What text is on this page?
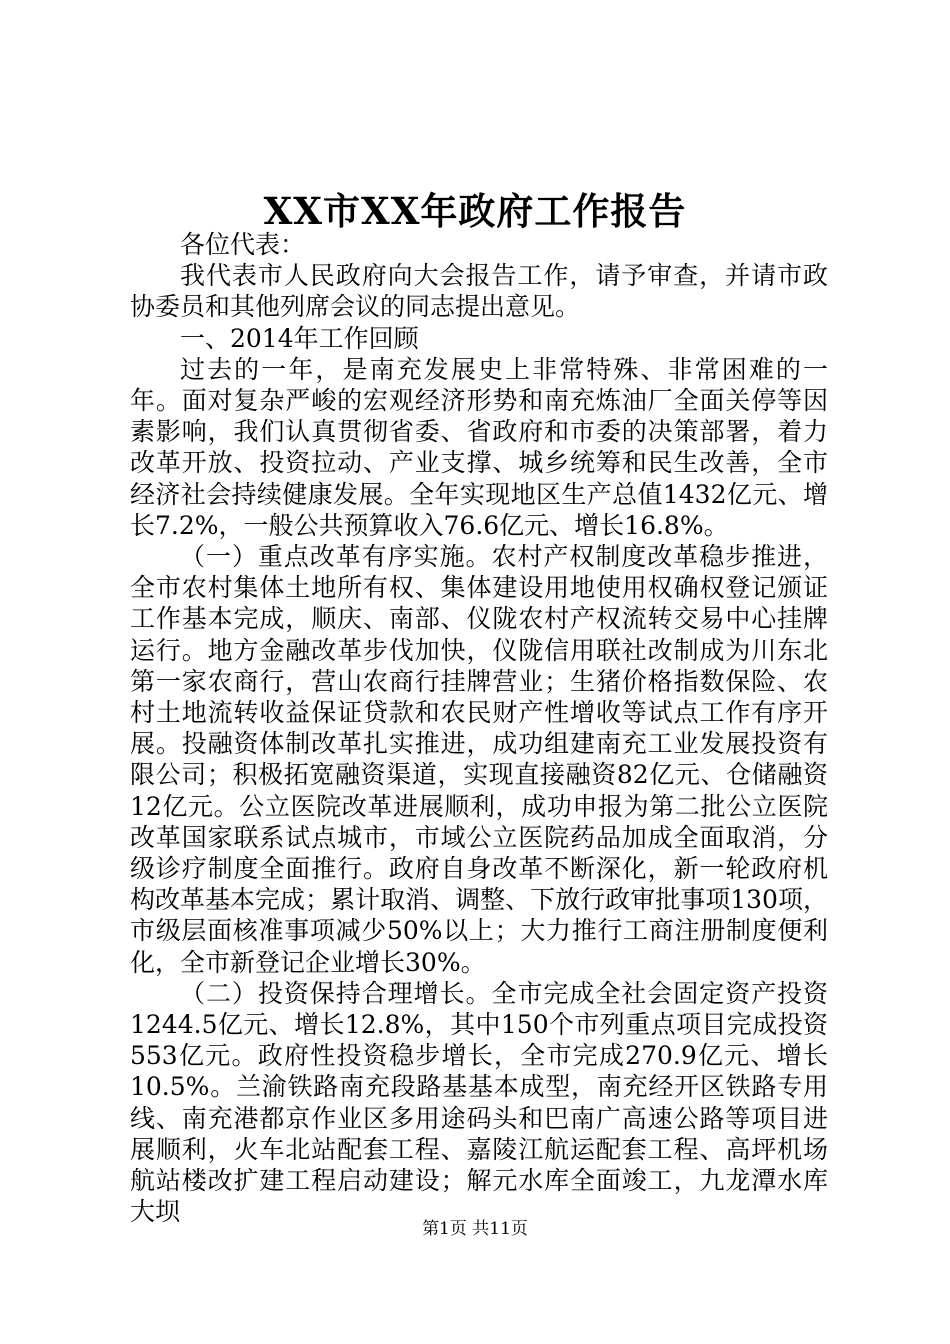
XX市XX年政府工作报告

各位代表：

我代表市人民政府向大会报告工作，请予审查，并请市政协委员和其他列席会议的同志提出意见。

一、2014年工作回顾

过去的一年，是南充发展史上非常特殊、非常困难的一年。面对复杂严峻的宏观经济形势和南充炼油厂全面关停等因素影响，我们认真贯彻省委、省政府和市委的决策部署，着力改革开放、投资拉动、产业支撑、城乡统筹和民生改善，全市经济社会持续健康发展。全年实现地区生产总值1432亿元、增长7.2%，一般公共预算收入76.6亿元、增长16.8%。

（一）重点改革有序实施。农村产权制度改革稳步推进，全市农村集体土地所有权、集体建设用地使用权确权登记颁证工作基本完成，顺庆、南部、仪陇农村产权流转交易中心挂牌运行。地方金融改革步伐加快，仪陇信用联社改制成为川东北第一家农商行，营山农商行挂牌营业；生猪价格指数保险、农村土地流转收益保证贷款和农民财产性增收等试点工作有序开展。投融资体制改革扎实推进，成功组建南充工业发展投资有限公司；积极拓宽融资渠道，实现直接融资82亿元、仓储融资12亿元。公立医院改革进展顺利，成功申报为第二批公立医院改革国家联系试点城市，市域公立医院药品加成全面取消，分级诊疗制度全面推行。政府自身改革不断深化，新一轮政府机构改革基本完成；累计取消、调整、下放行政审批事项130项，市级层面核准事项减少50%以上；大力推行工商注册制度便利化，全市新登记企业增长30%。

（二）投资保持合理增长。全市完成全社会固定资产投资1244.5亿元、增长12.8%，其中150个市列重点项目完成投资553亿元。政府性投资稳步增长，全市完成270.9亿元、增长10.5%。兰渝铁路南充段路基基本成型，南充经开区铁路专用线、南充港都京作业区多用途码头和巴南广高速公路等项目进展顺利，火车北站配套工程、嘉陵江航运配套工程、高坪机场航站楼改扩建工程启动建设；解元水库全面竣工，九龙潭水库大坝

第1页 共11页
